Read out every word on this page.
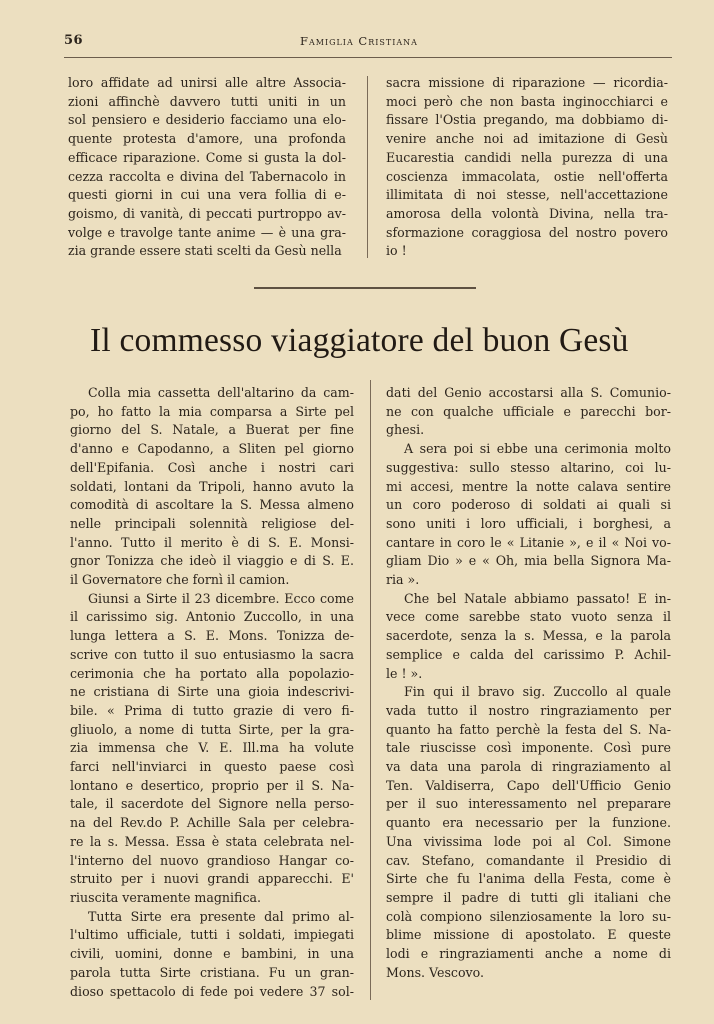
56	Famiglia Cristiana
loro affidate ad unirsi alle altre Associa-
zioni affinchè davvero tutti uniti in un
sol pensiero e desiderio facciamo una elo-
quente protesta d'amore, una profonda
efficace riparazione. Come si gusta la dol-
cezza raccolta e divina del Tabernacolo in
questi giorni in cui una vera follia di e-
goismo, di vanità, di peccati purtroppo av-
volge e travolge tante anime — è una gra-
zia grande essere stati scelti da Gesù nella
sacra missione di riparazione — ricordia-
moci però che non basta inginocchiarci e
fissare l'Ostia pregando, ma dobbiamo di-
venire anche noi ad imitazione di Gesù
Eucarestia candidi nella purezza di una
coscienza immacolata, ostie nell'offerta
illimitata di noi stesse, nell'accettazione
amorosa della volontà Divina, nella tra-
sformazione coraggiosa del nostro povero
io !
Il commesso viaggiatore del buon Gesù
Colla mia cassetta dell'altarino da cam-
po, ho fatto la mia comparsa a Sirte pel
giorno del S. Natale, a Buerat per fine
d'anno e Capodanno, a Sliten pel giorno
dell'Epifania. Così anche i nostri cari
soldati, lontani da Tripoli, hanno avuto la
comodità di ascoltare la S. Messa almeno
nelle principali solennità religiose del-
l'anno. Tutto il merito è di S. E. Monsi-
gnor Tonizza che ideò il viaggio e di S. E.
il Governatore che fornì il camion.
Giunsi a Sirte il 23 dicembre. Ecco come
il carissimo sig. Antonio Zuccollo, in una
lunga lettera a S. E. Mons. Tonizza de-
scrive con tutto il suo entusiasmo la sacra
cerimonia che ha portato alla popolazio-
ne cristiana di Sirte una gioia indescrivi-
bile. « Prima di tutto grazie di vero fi-
gliuolo, a nome di tutta Sirte, per la gra-
zia immensa che V. E. Ill.ma ha volute
farci nell'inviarci in questo paese così
lontano e desertico, proprio per il S. Na-
tale, il sacerdote del Signore nella perso-
na del Rev.do P. Achille Sala per celebra-
re la s. Messa. Essa è stata celebrata nel-
l'interno del nuovo grandioso Hangar co-
struito per i nuovi grandi apparecchi. E'
riuscita veramente magnifica.
Tutta Sirte era presente dal primo al-
l'ultimo ufficiale, tutti i soldati, impiegati
civili, uomini, donne e bambini, in una
parola tutta Sirte cristiana. Fu un gran-
dioso spettacolo di fede poi vedere 37 sol-
dati del Genio accostarsi alla S. Comunio-
ne con qualche ufficiale e parecchi bor-
ghesi.
A sera poi si ebbe una cerimonia molto
suggestiva: sullo stesso altarino, coi lu-
mi accesi, mentre la notte calava sentire
un coro poderoso di soldati ai quali si
sono uniti i loro ufficiali, i borghesi, a
cantare in coro le « Litanie », e il « Noi vo-
gliam Dio » e « Oh, mia bella Signora Ma-
ria ».
Che bel Natale abbiamo passato! E in-
vece come sarebbe stato vuoto senza il
sacerdote, senza la s. Messa, e la parola
semplice e calda del carissimo P. Achil-
le ! ».
Fin qui il bravo sig. Zuccollo al quale
vada tutto il nostro ringraziamento per
quanto ha fatto perchè la festa del S. Na-
tale riuscisse così imponente. Così pure
va data una parola di ringraziamento al
Ten. Valdiserra, Capo dell'Ufficio Genio
per il suo interessamento nel preparare
quanto era necessario per la funzione.
Una vivissima lode poi al Col. Simone
cav. Stefano, comandante il Presidio di
Sirte che fu l'anima della Festa, come è
sempre il padre di tutti gli italiani che
colà compiono silenziosamente la loro su-
blime missione di apostolato. E queste
lodi e ringraziamenti anche a nome di
Mons. Vescovo.
